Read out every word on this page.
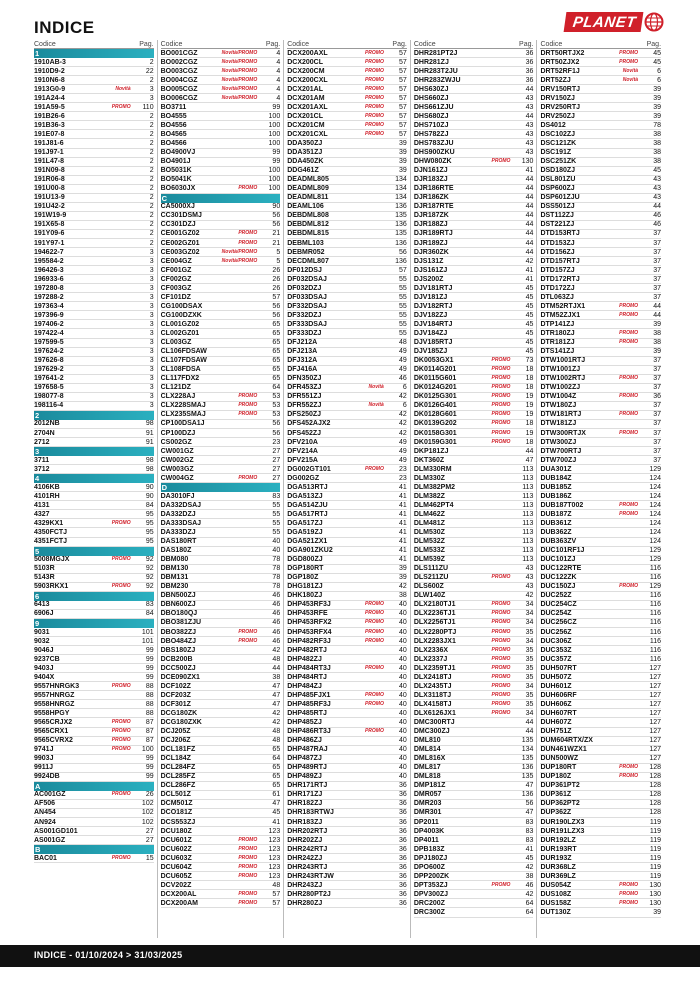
INDICE	PLANET
Codice	Pag.
1
1910AB-3	2
1910D9-2	22
1910N6-8	2
1913G0-9	Novità	3
191A24-4	3
191A59-5	PROMO	110
191B26-6	2
191B36-3	2
191E07-8	2
191J81-6	2
191J97-1	2
191L47-8	2
191N09-8	2
191R06-8	2
191U00-8	2
191U13-9	2
191U42-2	2
191W19-9	2
191X65-8	2
191Y09-6	2
191Y97-1	2
194622-7	3
195584-2	3
196426-3	3
196933-6	3
197280-8	3
197288-2	3
197363-4	3
197396-9	3
197406-2	3
197422-4	3
197599-5	3
197624-2	3
197626-8	3
197629-2	3
197641-2	3
197658-5	3
198077-8	3
198116-4	3
2
2012NB	98
2704N	91
2712	91
3
3711	98
3712	98
4
4106KB	90
4101RH	90
4131	84
4327	95
4329KX1	PROMO	95
4350FCTJ	95
4351FCTJ	95
5
5008MGJX	PROMO	92
5103R	92
5143R	92
5903RKX1	PROMO	92
6
6413	83
6906J	84
9
9031	101
9032	101
9046J	99
9237CB	99
9403J	99
9404X	99
9557HNRGK3	PROMO	88
9557HNRGZ	88
9558HNRGZ	88
9558HPGY	88
9565CRJX2	PROMO	87
9565CRX1	PROMO	87
9565CVRX2	PROMO	87
9741J	PROMO	100
9903J	99
9911J	99
9924DB	99
A
AC001GZ	PROMO	26
AF506	102
AN454	102
AN924	102
AS001GD101	27
AS001GZ	27
B
BAC01	PROMO	15
Codice	Pag.
BO001CGZ	Novità/PROMO	4
BO002CGZ	Novità/PROMO	4
BO003CGZ	Novità/PROMO	4
BO004CGZ	Novità/PROMO	4
BO005CGZ	Novità/PROMO	4
BO006CGZ	Novità/PROMO	4
BO3711	99
BO4555	100
BO4556	100
BO4565	100
BO4566	100
BO4900VJ	99
BO4901J	99
BO5031K	100
BO5041K	100
BO6030JX	PROMO	100
C
CA5000XJ	90
CC301DSMJ	56
CC301DZJ	56
CE001GZ02	PROMO	21
CE002GZ01	PROMO	21
CE003GZ02	Novità/PROMO	5
CE004GZ	Novità/PROMO	5
CF001GZ	26
CF002GZ	26
CF003GZ	26
CF101DZ	57
CG100DSAX	56
CG100DZXK	56
CL001GZ02	65
CL002GZ01	65
CL003GZ	65
CL106FDSAW	65
CL107FDSAW	65
CL108FDSA	65
CL117FDX2	65
CL121DZ	64
CLX228AJ	PROMO	53
CLX228SMAJ	PROMO	53
CLX235SMAJ	PROMO	53
CP100DSA1J	56
CP100DZJ	56
CS002GZ	23
CW001GZ	27
CW002GZ	27
CW003GZ	27
CW004GZ	PROMO	27
D
DA3010FJ	83
DA332DSAJ	55
DA332DZJ	55
DA333DSAJ	55
DA333DZJ	55
DAS180RT	40
DAS180Z	40
DBM080	78
DBM130	78
DBM131	78
DBM230	78
DBN500ZJ	46
DBN600ZJ	46
DBO180QJ	46
DBO381ZJU	46
DBO382ZJ	PROMO	46
DBO484ZJ	PROMO	46
DBS180ZJ	42
DCB200B	48
DCC500ZJ	44
DCE090ZX1	38
DCF102Z	47
DCF203Z	47
DCF301Z	47
DCG180ZK	42
DCG180ZXK	42
DCJ205Z	48
DCJ206Z	48
DCL181FZ	65
DCL184Z	64
DCL284FZ	65
DCL285FZ	65
DCL286FZ	65
DCL501Z	61
DCM501Z	47
DCO181Z	45
DCS553ZJ	41
DCU180Z	123
DCU601Z	PROMO	123
DCU602Z	PROMO	123
DCU603Z	PROMO	123
DCU604Z	PROMO	123
DCU605Z	PROMO	123
DCV202Z	48
DCX200AL	PROMO	57
DCX200AM	PROMO	57
Codice	Pag.
DCX200AXL	PROMO	57
DCX200CL	PROMO	57
DCX200CM	PROMO	57
DCX200CXL	PROMO	57
DCX201AL	PROMO	57
DCX201AM	PROMO	57
DCX201AXL	PROMO	57
DCX201CL	PROMO	57
DCX201CM	PROMO	57
DCX201CXL	PROMO	57
DDA350ZJ	39
DDA351ZJ	39
DDA450ZK	39
DDG461Z	39
DEADML805	134
DEADML809	134
DEADML811	134
DEAML106	136
DEBDML808	135
DEBDML812	136
DEBDML815	135
DEBML103	136
DEBMR052	56
DECDML807	136
DF012DSJ	57
DF032DSAJ	55
DF032DZJ	55
DF033DSAJ	55
DF332DSAJ	55
DF332DZJ	55
DF333DSAJ	55
DF333DZJ	55
DFJ212A	48
DFJ213A	49
DFJ312A	49
DFJ416A	49
DFN350ZJ	46
DFR453ZJ	Novità	6
DFR551ZJ	42
DFR552ZJ	Novità	6
DFS250ZJ	42
DFS452AJX2	42
DFS452ZJ	42
DFV210A	49
DFV214A	49
DFV215A	49
DG002GT101	PROMO	23
DG002GZ	23
DGA513RTJ	41
DGA513ZJ	41
DGA514ZJU	41
DGA517RTJ	41
DGA517ZJ	41
DGA519ZJ	41
DGA521ZX1	41
DGA901ZKU2	41
DGD800ZJ	41
DGP180RT	39
DGP180Z	39
DHG181ZJ	42
DHK180ZJ	38
DHP453RF3J	PROMO	40
DHP453RFE	PROMO	40
DHP453RFX2	PROMO	40
DHP453RFX4	PROMO	40
DHP482RF3J	PROMO	40
DHP482RTJ	40
DHP482ZJ	40
DHP484RT3J	PROMO	40
DHP484RTJ	40
DHP484ZJ	40
DHP485FJX1	PROMO	40
DHP485RF3J	PROMO	40
DHP485RTJ	40
DHP485ZJ	40
DHP486RT3J	PROMO	40
DHP486ZJ	40
DHP487RAJ	40
DHP487ZJ	40
DHP489RTJ	40
DHP489ZJ	40
DHR171RTJ	36
DHR171ZJ	36
DHR182ZJ	36
DHR183RTWJ	36
DHR183ZJ	36
DHR202RTJ	36
DHR202ZJ	36
DHR242RTJ	36
DHR242ZJ	36
DHR243RTJ	36
DHR243RTJW	36
DHR243ZJ	36
DHR280PT2J	36
DHR280ZJ	36
Codice	Pag.
DHR281PT2J	36
DHR281ZJ	36
DHR283T2JU	36
DHR283ZWJU	36
DHS630ZJ	44
DHS660ZJ	43
DHS661ZJU	43
DHS680ZJ	44
DHS710ZJ	43
DHS782ZJ	43
DHS783ZJU	43
DHS900ZKU	43
DHW080ZK	PROMO	130
DJN161ZJ	41
DJR183ZJ	44
DJR186RTE	44
DJR186ZK	44
DJR187RTE	44
DJR187ZK	44
DJR188ZJ	44
DJR189RTJ	44
DJR189ZJ	44
DJR360ZK	44
DJS131Z	42
DJS161ZJ	41
DJS200Z	41
DJV181RTJ	45
DJV181ZJ	45
DJV182RTJ	45
DJV182ZJ	45
DJV184RTJ	45
DJV184ZJ	45
DJV185RTJ	45
DJV185ZJ	45
DK0053GX1	PROMO	73
DK0114G201	PROMO	18
DK0115G601	PROMO	18
DK0124G201	PROMO	18
DK0125G301	PROMO	19
DK0126G401	PROMO	19
DK0128G601	PROMO	19
DK0139G202	PROMO	18
DK0158G301	PROMO	19
DK0159G301	PROMO	18
DKP181ZJ	44
DKT360Z	47
DLM330RM	113
DLM330Z	113
DLM382PM2	113
DLM382Z	113
DLM462PT4	113
DLM462Z	113
DLM481Z	113
DLM530Z	113
DLM532Z	113
DLM533Z	113
DLM539Z	113
DLS111ZU	43
DLS211ZU	PROMO	43
DLS600Z	43
DLW140Z	42
DLX2180TJ1	PROMO	34
DLX2236TJ1	PROMO	34
DLX2256TJ1	PROMO	34
DLX2280PTJ	PROMO	35
DLX2283JX1	PROMO	34
DLX2336X	PROMO	35
DLX2337J	PROMO	35
DLX2359TJ1	PROMO	35
DLX2418TJ	PROMO	35
DLX2435TJ	PROMO	34
DLX3118TJ	PROMO	35
DLX4158TJ	PROMO	35
DLX6126JX1	PROMO	34
DMC300RTJ	44
DMC300ZJ	44
DML810	135
DML814	134
DML816X	135
DML817	136
DML818	135
DMP181Z	47
DMR057	136
DMR203	56
DMR301	47
DP2011	83
DP4003K	83
DP4011	83
DPB183Z	41
DPJ180ZJ	45
DPO600Z	42
DPP200ZK	38
DPT353ZJ	PROMO	46
DPV300ZJ	42
DRC200Z	64
DRC300Z	64
Codice	Pag.
DRT50RTJX2	PROMO	45
DRT50ZJX2	PROMO	45
DRT52RF1J	Novità	6
DRT52ZJ	Novità	6
DRV150RTJ	39
DRV150ZJ	39
DRV250RTJ	39
DRV250ZJ	39
DS4012	78
DSC102ZJ	38
DSC121ZK	38
DSC191Z	38
DSC251ZK	38
DSD180ZJ	45
DSL801ZU	43
DSP600ZJ	43
DSP601ZJU	43
DSS501ZJ	44
DST112ZJ	46
DST221ZJ	46
DTD153RTJ	37
DTD153ZJ	37
DTD156ZJ	37
DTD157RTJ	37
DTD157ZJ	37
DTD172RTJ	37
DTD172ZJ	37
DTL063ZJ	37
DTM52RTJX1	PROMO	44
DTM52ZJX1	PROMO	44
DTP141ZJ	39
DTR180ZJ	PROMO	38
DTR181ZJ	PROMO	38
DTS141ZJ	39
DTW1001RTJ	37
DTW1001ZJ	37
DTW1002RTJ	PROMO	37
DTW1002ZJ	37
DTW1004Z	PROMO	36
DTW180ZJ	37
DTW181RTJ	PROMO	37
DTW181ZJ	37
DTW300RTJX	PROMO	37
DTW300ZJ	37
DTW700RTJ	37
DTW700ZJ	37
DUA301Z	129
DUB184Z	124
DUB185Z	124
DUB186Z	124
DUB187T002	PROMO	124
DUB187Z	PROMO	124
DUB361Z	124
DUB362Z	124
DUB363ZV	124
DUC101RF1J	129
DUC101ZJ	129
DUC122RTE	116
DUC122ZK	116
DUC150ZJ	PROMO	129
DUC252Z	116
DUC254CZ	116
DUC254Z	116
DUC256CZ	116
DUC256Z	116
DUC306Z	116
DUC353Z	116
DUC357Z	116
DUH507RT	127
DUH507Z	127
DUH601Z	127
DUH606RF	127
DUH606Z	127
DUH607RT	127
DUH607Z	127
DUH751Z	127
DUM604RTX/ZX	127
DUN461WZX1	127
DUN500WZ	127
DUP180RT	PROMO	128
DUP180Z	PROMO	128
DUP361PT2	128
DUP361Z	128
DUP362PT2	128
DUP362Z	128
DUR190LZX3	119
DUR191LZX3	119
DUR192LZ	119
DUR193RT	119
DUR193Z	119
DUR368LZ	119
DUR369LZ	119
DUS054Z	PROMO	130
DUS108Z	PROMO	130
DUS158Z	PROMO	130
DUT130Z	39
INDICE - 01/10/2024 > 31/03/2025
